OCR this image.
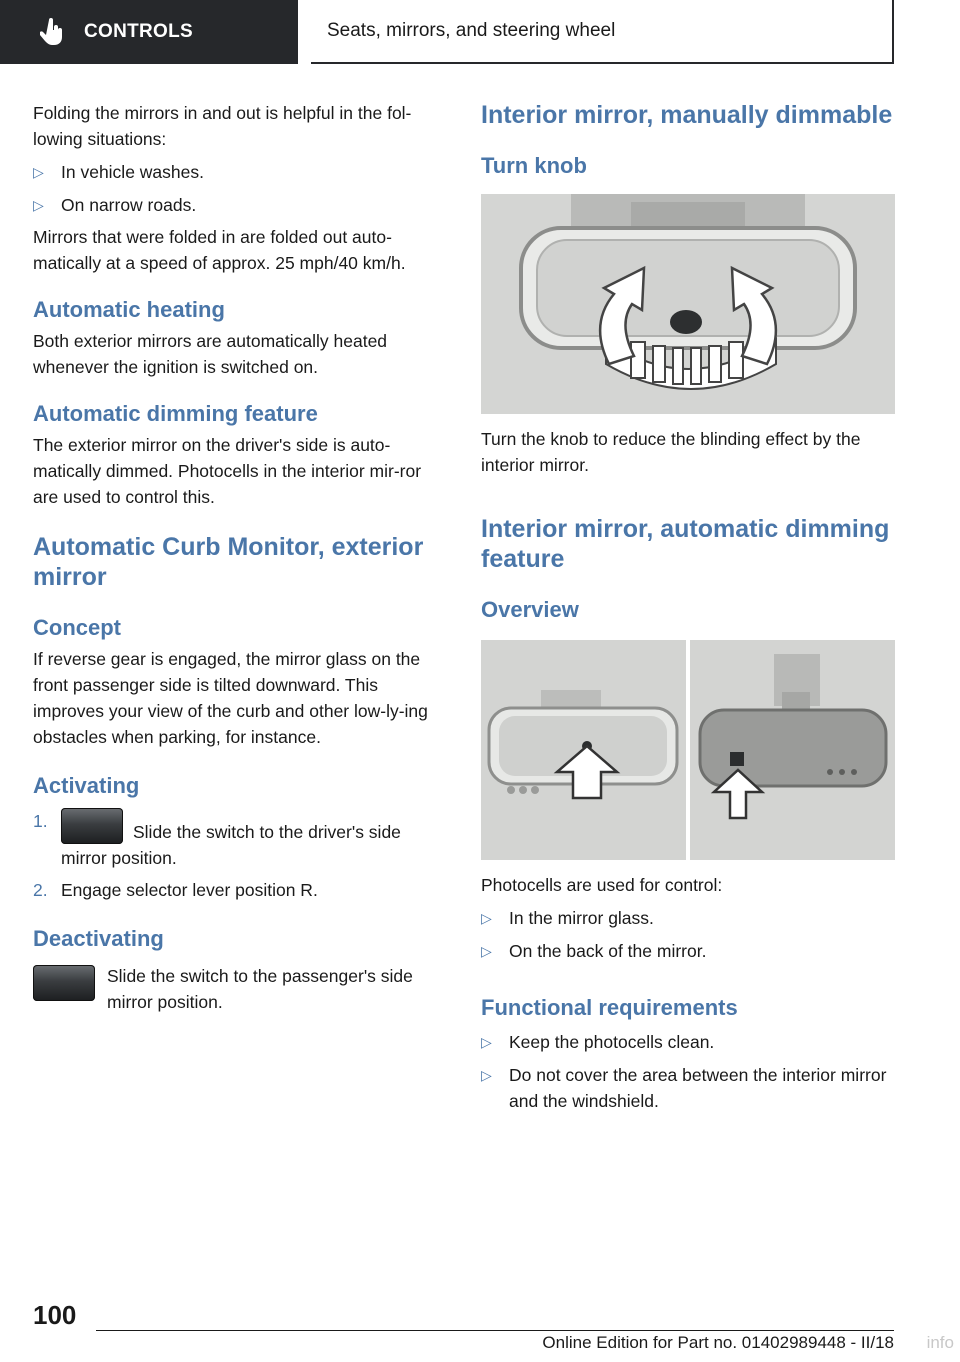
CONTROLS	Seats, mirrors, and steering wheel

Folding the mirrors in and out is helpful in the fol‐lowing situations:

▷ In vehicle washes.
▷ On narrow roads.

Mirrors that were folded in are folded out auto‐matically at a speed of approx. 25 mph/40 km/h.

Automatic heating

Both exterior mirrors are automatically heated whenever the ignition is switched on.

Automatic dimming feature

The exterior mirror on the driver's side is auto‐matically dimmed. Photocells in the interior mir‐ror are used to control this.

Automatic Curb Monitor, exterior mirror
Concept

If reverse gear is engaged, the mirror glass on the front passenger side is tilted downward. This improves your view of the curb and other low-ly‐ing obstacles when parking, for instance.

Activating
1.
Slide the switch to the driver's side mirror position.
2. Engage selector lever position R.
Deactivating

Slide the switch to the passenger's side mirror position.

Interior mirror, manually dimmable
Turn knob

Turn the knob to reduce the blinding effect by the interior mirror.

Interior mirror, automatic dimming feature
Overview

Photocells are used for control:

▷ In the mirror glass.
▷ On the back of the mirror.
Functional requirements
▷ Keep the photocells clean.
▷ Do not cover the area between the interior mirror and the windshield.
100
Online Edition for Part no. 01402989448 - II/18 info
